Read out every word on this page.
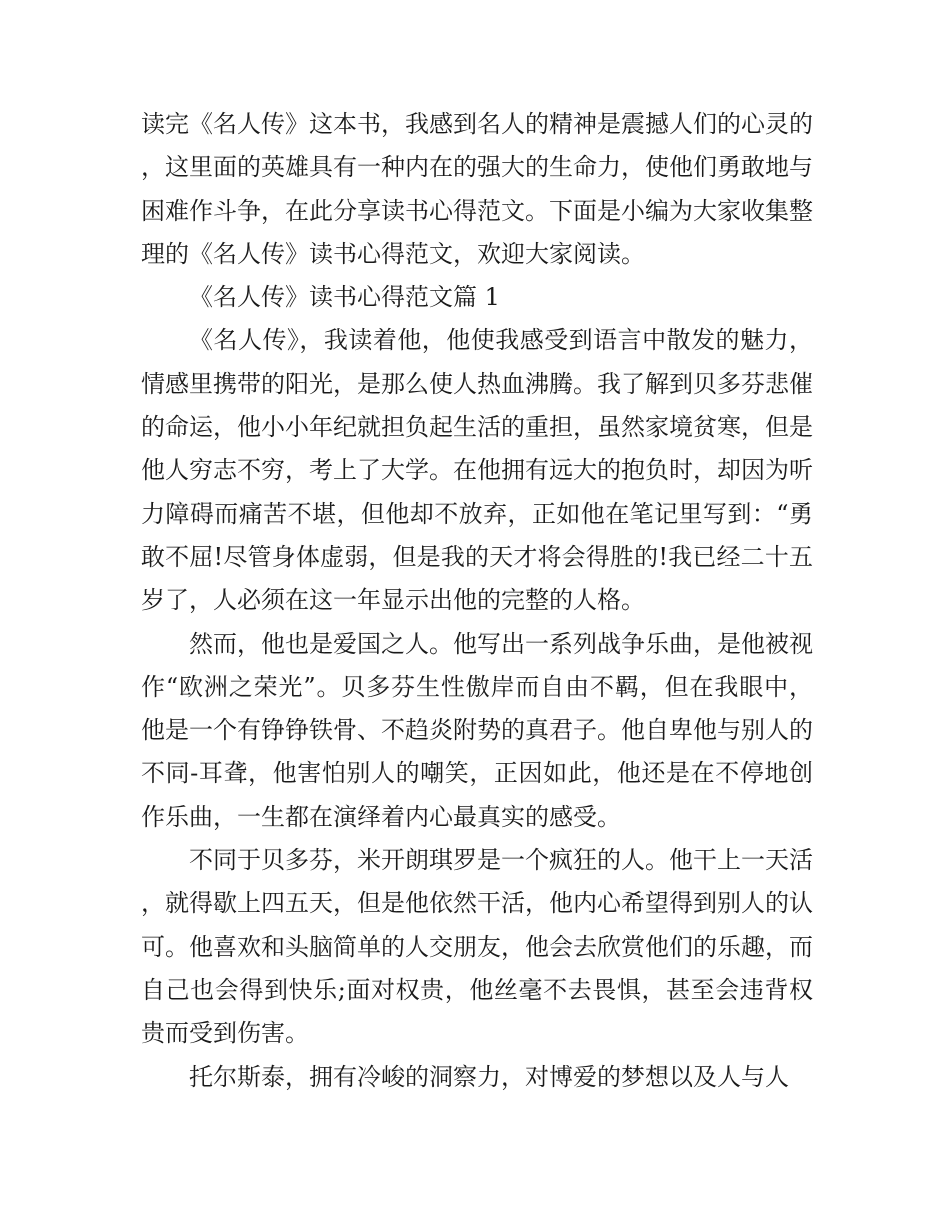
读完《名人传》这本书，我感到名人的精神是震撼人们的心灵的，这里面的英雄具有一种内在的强大的生命力，使他们勇敢地与困难作斗争，在此分享读书心得范文。下面是小编为大家收集整理的《名人传》读书心得范文，欢迎大家阅读。

《名人传》读书心得范文篇 1

《名人传》，我读着他，他使我感受到语言中散发的魅力，情感里携带的阳光，是那么使人热血沸腾。我了解到贝多芬悲催的命运，他小小年纪就担负起生活的重担，虽然家境贫寒，但是他人穷志不穷，考上了大学。在他拥有远大的抱负时，却因为听力障碍而痛苦不堪，但他却不放弃，正如他在笔记里写到：“勇敢不屈!尽管身体虚弱，但是我的天才将会得胜的!我已经二十五岁了，人必须在这一年显示出他的完整的人格。

然而，他也是爱国之人。他写出一系列战争乐曲，是他被视作“欧洲之荣光”。贝多芬生性傲岸而自由不羁，但在我眼中，他是一个有铮铮铁骨、不趋炎附势的真君子。他自卑他与别人的不同-耳聋，他害怕别人的嘲笑，正因如此，他还是在不停地创作乐曲，一生都在演绎着内心最真实的感受。

不同于贝多芬，米开朗琪罗是一个疯狂的人。他干上一天活，就得歇上四五天，但是他依然干活，他内心希望得到别人的认可。他喜欢和头脑简单的人交朋友，他会去欣赏他们的乐趣，而自己也会得到快乐;面对权贵，他丝毫不去畏惧，甚至会违背权贵而受到伤害。

托尔斯泰，拥有冷峻的洞察力，对博爱的梦想以及人与人
